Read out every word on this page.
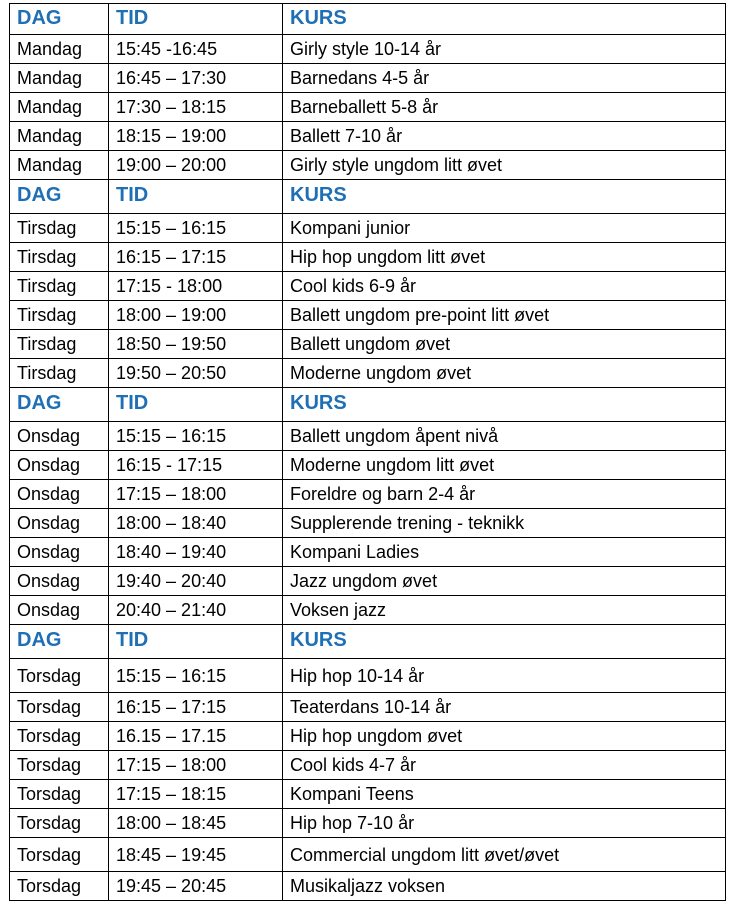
DAG	TID	KURS
Mandag	15:45 -16:45	Girly style 10-14 år
Mandag	16:45 – 17:30	Barnedans 4-5 år
Mandag	17:30 – 18:15	Barneballett 5-8 år
Mandag	18:15 – 19:00	Ballett 7-10 år
Mandag	19:00 – 20:00	Girly style ungdom litt øvet
DAG	TID	KURS
Tirsdag	15:15 – 16:15	Kompani junior
Tirsdag	16:15 – 17:15	Hip hop ungdom litt øvet
Tirsdag	17:15 - 18:00	Cool kids 6-9 år
Tirsdag	18:00 – 19:00	Ballett ungdom pre-point litt øvet
Tirsdag	18:50 – 19:50	Ballett ungdom øvet
Tirsdag	19:50 – 20:50	Moderne ungdom øvet
DAG	TID	KURS
Onsdag	15:15 – 16:15	Ballett ungdom åpent nivå
Onsdag	16:15 - 17:15	Moderne ungdom litt øvet
Onsdag	17:15 – 18:00	Foreldre og barn 2-4 år
Onsdag	18:00 – 18:40	Supplerende trening - teknikk
Onsdag	18:40 – 19:40	Kompani Ladies
Onsdag	19:40 – 20:40	Jazz ungdom øvet
Onsdag	20:40 – 21:40	Voksen jazz
DAG	TID	KURS
Torsdag	15:15 – 16:15	Hip hop 10-14 år
Torsdag	16:15 – 17:15	Teaterdans 10-14 år
Torsdag	16.15 – 17.15	Hip hop ungdom øvet
Torsdag	17:15 – 18:00	Cool kids 4-7 år
Torsdag	17:15 – 18:15	Kompani Teens
Torsdag	18:00 – 18:45	Hip hop 7-10 år
Torsdag	18:45 – 19:45	Commercial ungdom litt øvet/øvet
Torsdag	19:45 – 20:45	Musikaljazz voksen
